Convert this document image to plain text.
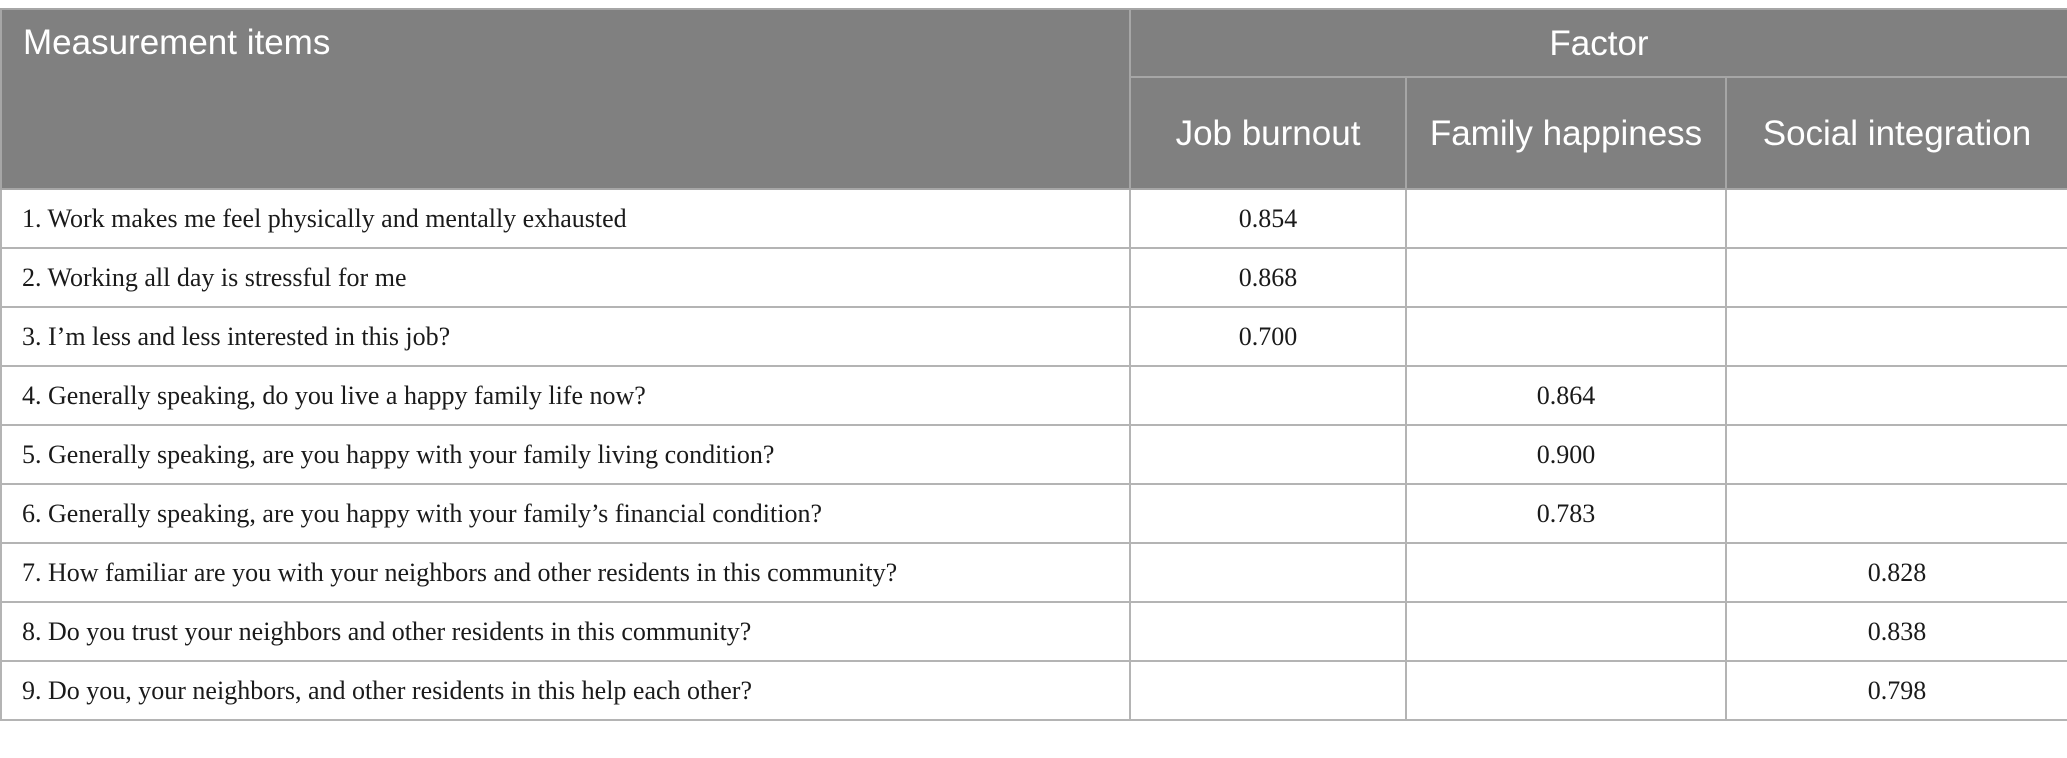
Measurement items	Factor		
	Job burnout	Family happiness	Social integration
1. Work makes me feel physically and mentally exhausted	0.854		
2. Working all day is stressful for me	0.868		
3. I’m less and less interested in this job?	0.700		
4. Generally speaking, do you live a happy family life now?		0.864	
5. Generally speaking, are you happy with your family living condition?		0.900	
6. Generally speaking, are you happy with your family’s financial condition?		0.783	
7. How familiar are you with your neighbors and other residents in this community?			0.828
8. Do you trust your neighbors and other residents in this community?			0.838
9. Do you, your neighbors, and other residents in this help each other?			0.798
